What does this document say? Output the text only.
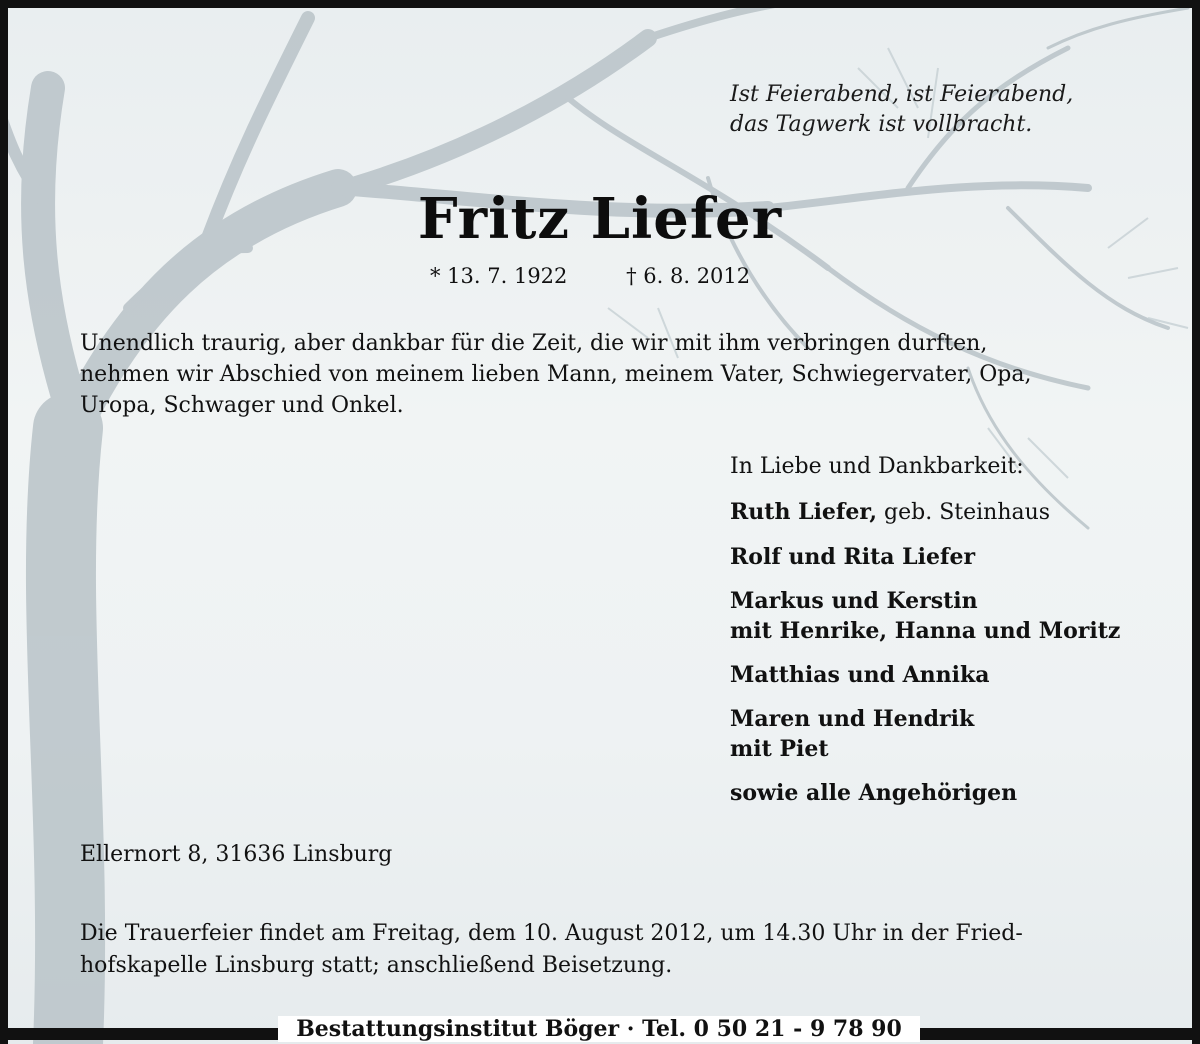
Ist Feierabend, ist Feierabend,
das Tagwerk ist vollbracht.
Fritz Liefer
* 13. 7. 1922	† 6. 8. 2012
Unendlich traurig, aber dankbar für die Zeit, die wir mit ihm verbringen durften,
nehmen wir Abschied von meinem lieben Mann, meinem Vater, Schwiegervater, Opa,
Uropa, Schwager und Onkel.
In Liebe und Dankbarkeit:
Ruth Liefer, geb. Steinhaus
Rolf und Rita Liefer
Markus und Kerstin
mit Henrike, Hanna und Moritz
Matthias und Annika
Maren und Hendrik
mit Piet
sowie alle Angehörigen
Ellernort 8, 31636 Linsburg
Die Trauerfeier findet am Freitag, dem 10. August 2012, um 14.30 Uhr in der Fried-
hofskapelle Linsburg statt; anschließend Beisetzung.
Bestattungsinstitut Böger · Tel. 0 50 21 - 9 78 90
